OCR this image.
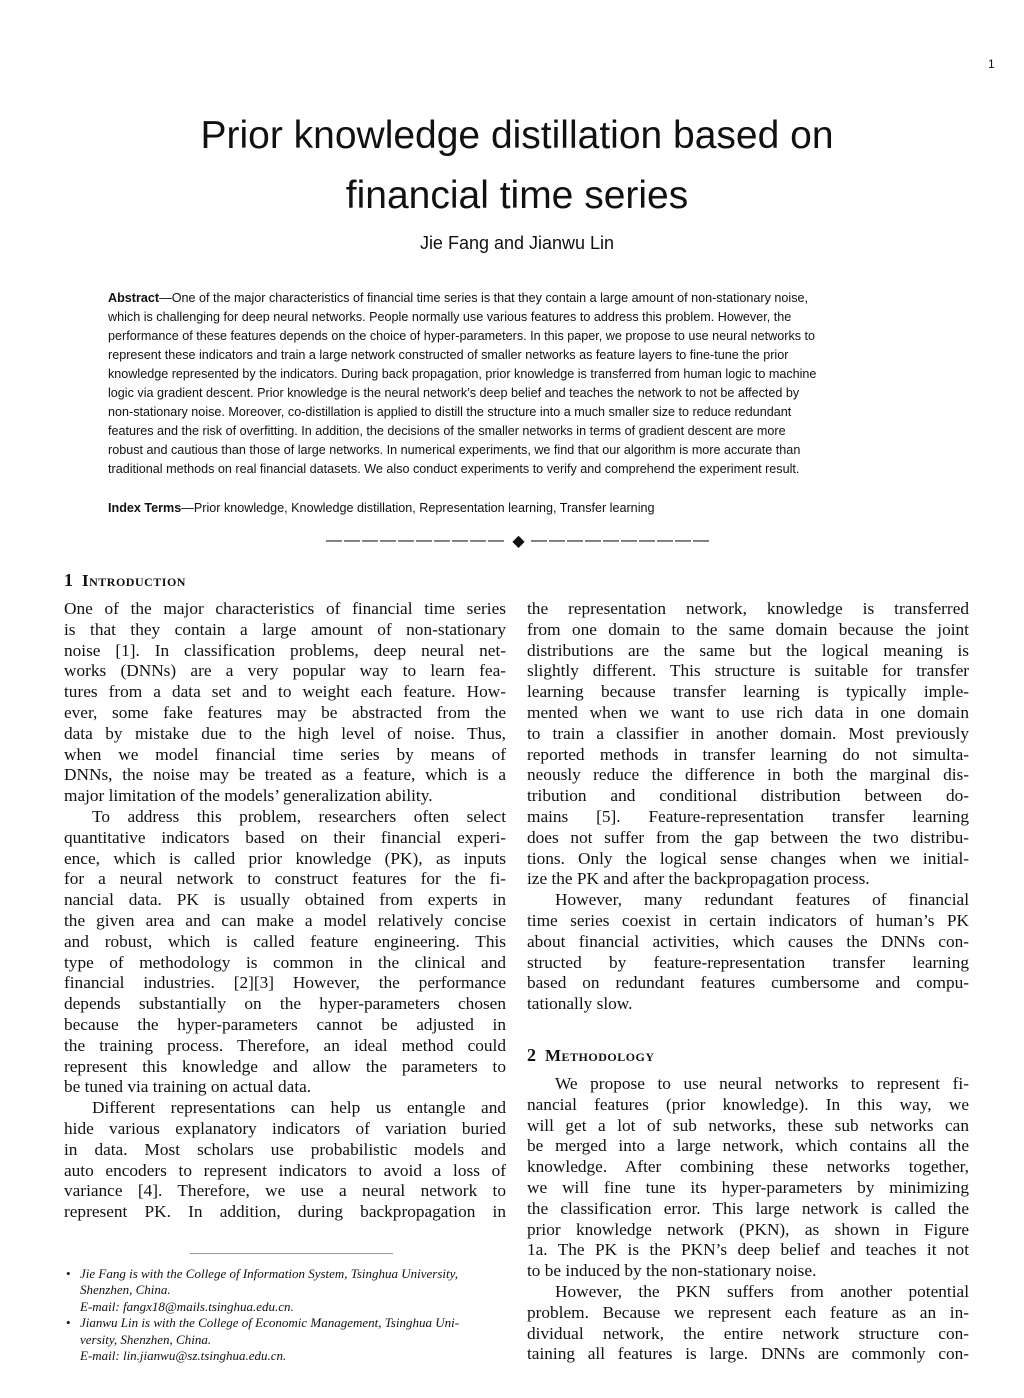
1
Prior knowledge distillation based on
financial time series
Jie Fang and Jianwu Lin
Abstract—One of the major characteristics of financial time series is that they contain a large amount of non-stationary noise,
which is challenging for deep neural networks. People normally use various features to address this problem. However, the
performance of these features depends on the choice of hyper-parameters. In this paper, we propose to use neural networks to
represent these indicators and train a large network constructed of smaller networks as feature layers to fine-tune the prior
knowledge represented by the indicators. During back propagation, prior knowledge is transferred from human logic to machine
logic via gradient descent. Prior knowledge is the neural network’s deep belief and teaches the network to not be affected by
non-stationary noise. Moreover, co-distillation is applied to distill the structure into a much smaller size to reduce redundant
features and the risk of overfitting. In addition, the decisions of the smaller networks in terms of gradient descent are more
robust and cautious than those of large networks. In numerical experiments, we find that our algorithm is more accurate than
traditional methods on real financial datasets. We also conduct experiments to verify and comprehend the experiment result.
Index Terms—Prior knowledge, Knowledge distillation, Representation learning, Transfer learning
—————————— ◆ ——————————
1 Introduction
One of the major characteristics of financial time series
is that they contain a large amount of non-stationary
noise [1]. In classification problems, deep neural net-
works (DNNs) are a very popular way to learn fea-
tures from a data set and to weight each feature. How-
ever, some fake features may be abstracted from the
data by mistake due to the high level of noise. Thus,
when we model financial time series by means of
DNNs, the noise may be treated as a feature, which is a
major limitation of the models’ generalization ability.
To address this problem, researchers often select
quantitative indicators based on their financial experi-
ence, which is called prior knowledge (PK), as inputs
for a neural network to construct features for the fi-
nancial data. PK is usually obtained from experts in
the given area and can make a model relatively concise
and robust, which is called feature engineering. This
type of methodology is common in the clinical and
financial industries. [2][3] However, the performance
depends substantially on the hyper-parameters chosen
because the hyper-parameters cannot be adjusted in
the training process. Therefore, an ideal method could
represent this knowledge and allow the parameters to
be tuned via training on actual data.
Different representations can help us entangle and
hide various explanatory indicators of variation buried
in data. Most scholars use probabilistic models and
auto encoders to represent indicators to avoid a loss of
variance [4]. Therefore, we use a neural network to
represent PK. In addition, during backpropagation in
the representation network, knowledge is transferred
from one domain to the same domain because the joint
distributions are the same but the logical meaning is
slightly different. This structure is suitable for transfer
learning because transfer learning is typically imple-
mented when we want to use rich data in one domain
to train a classifier in another domain. Most previously
reported methods in transfer learning do not simulta-
neously reduce the difference in both the marginal dis-
tribution and conditional distribution between do-
mains [5]. Feature-representation transfer learning
does not suffer from the gap between the two distribu-
tions. Only the logical sense changes when we initial-
ize the PK and after the backpropagation process.
However, many redundant features of financial
time series coexist in certain indicators of human’s PK
about financial activities, which causes the DNNs con-
structed by feature-representation transfer learning
based on redundant features cumbersome and compu-
tationally slow.
2 Methodology
We propose to use neural networks to represent fi-
nancial features (prior knowledge). In this way, we
will get a lot of sub networks, these sub networks can
be merged into a large network, which contains all the
knowledge. After combining these networks together,
we will fine tune its hyper-parameters by minimizing
the classification error. This large network is called the
prior knowledge network (PKN), as shown in Figure
1a. The PK is the PKN’s deep belief and teaches it not
to be induced by the non-stationary noise.
However, the PKN suffers from another potential
problem. Because we represent each feature as an in-
dividual network, the entire network structure con-
taining all features is large. DNNs are commonly con-
• Jie Fang is with the College of Information System, Tsinghua University,
Shenzhen, China.
E-mail: fangx18@mails.tsinghua.edu.cn.
• Jianwu Lin is with the College of Economic Management, Tsinghua Uni-
versity, Shenzhen, China.
E-mail: lin.jianwu@sz.tsinghua.edu.cn.
